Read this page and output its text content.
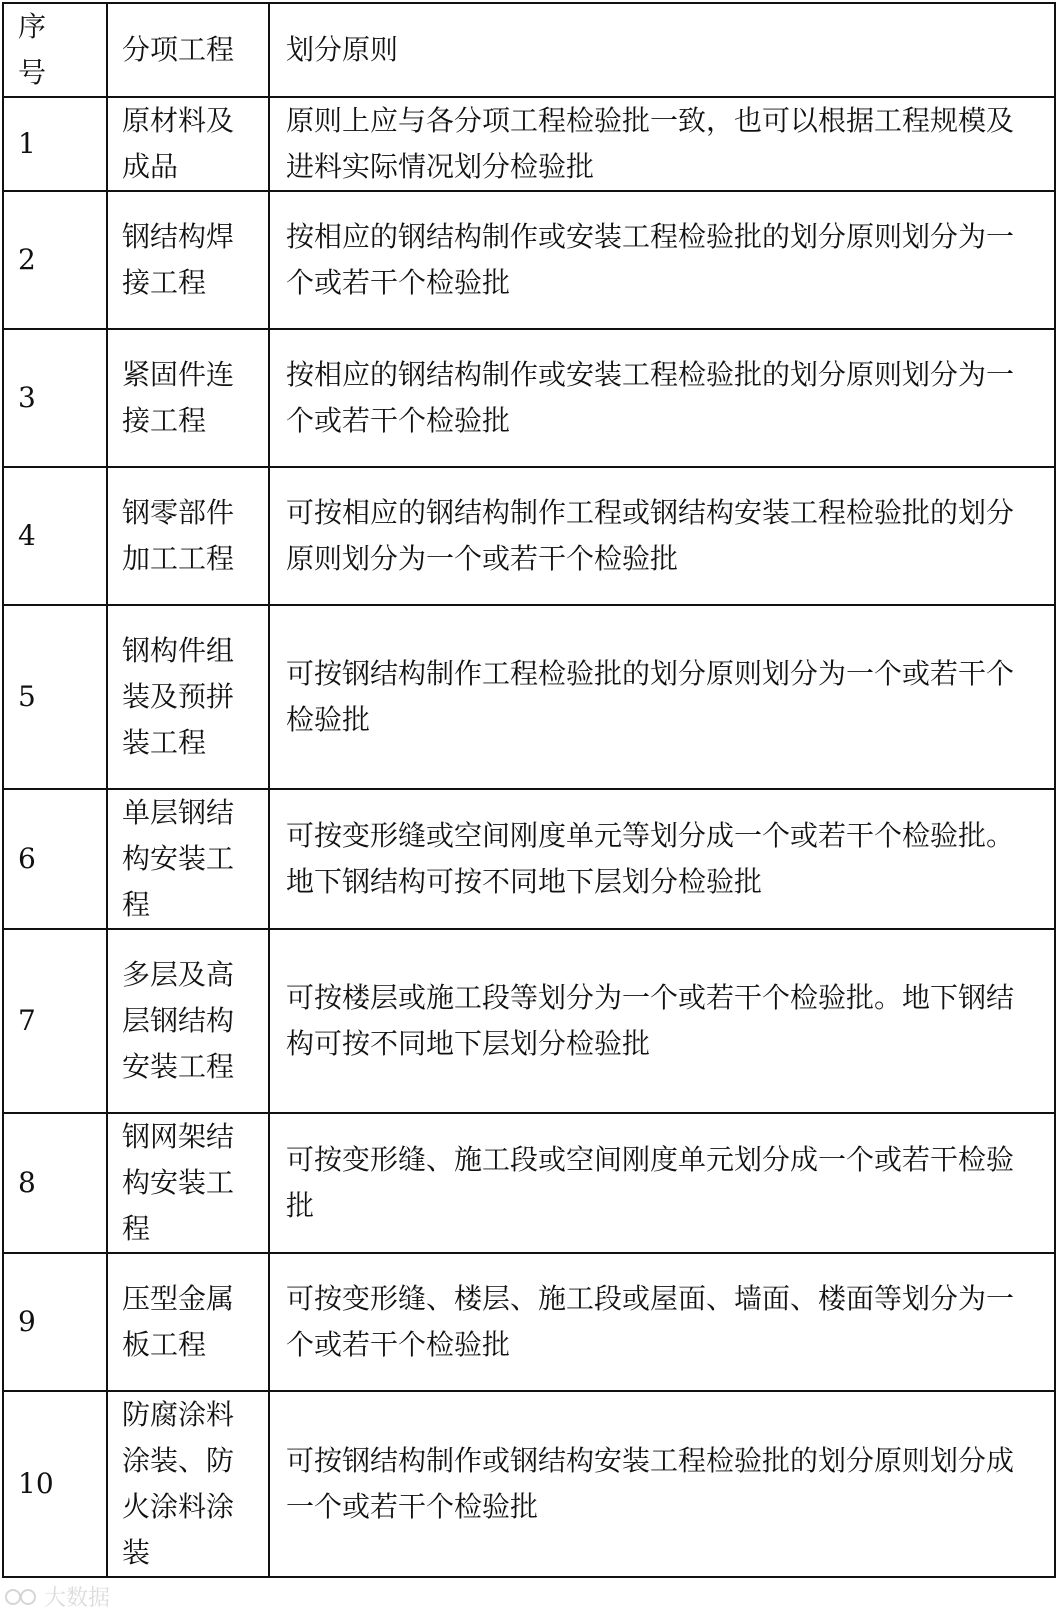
序号	分项工程	划分原则

1	原材料及成品	原则上应与各分项工程检验批一致，也可以根据工程规模及进料实际情况划分检验批

2	钢结构焊接工程	按相应的钢结构制作或安装工程检验批的划分原则划分为一个或若干个检验批

3	紧固件连接工程	按相应的钢结构制作或安装工程检验批的划分原则划分为一个或若干个检验批

4	钢零部件加工工程	可按相应的钢结构制作工程或钢结构安装工程检验批的划分原则划分为一个或若干个检验批

5	钢构件组装及预拼装工程	可按钢结构制作工程检验批的划分原则划分为一个或若干个检验批

6	单层钢结构安装工程	可按变形缝或空间刚度单元等划分成一个或若干个检验批。地下钢结构可按不同地下层划分检验批

7	多层及高层钢结构安装工程	可按楼层或施工段等划分为一个或若干个检验批。地下钢结构可按不同地下层划分检验批

8	钢网架结构安装工程	可按变形缝、施工段或空间刚度单元划分成一个或若干检验批

9	压型金属板工程	可按变形缝、楼层、施工段或屋面、墙面、楼面等划分为一个或若干个检验批

10	防腐涂料涂装、防火涂料涂装	可按钢结构制作或钢结构安装工程检验批的划分原则划分成一个或若干个检验批
大数据
